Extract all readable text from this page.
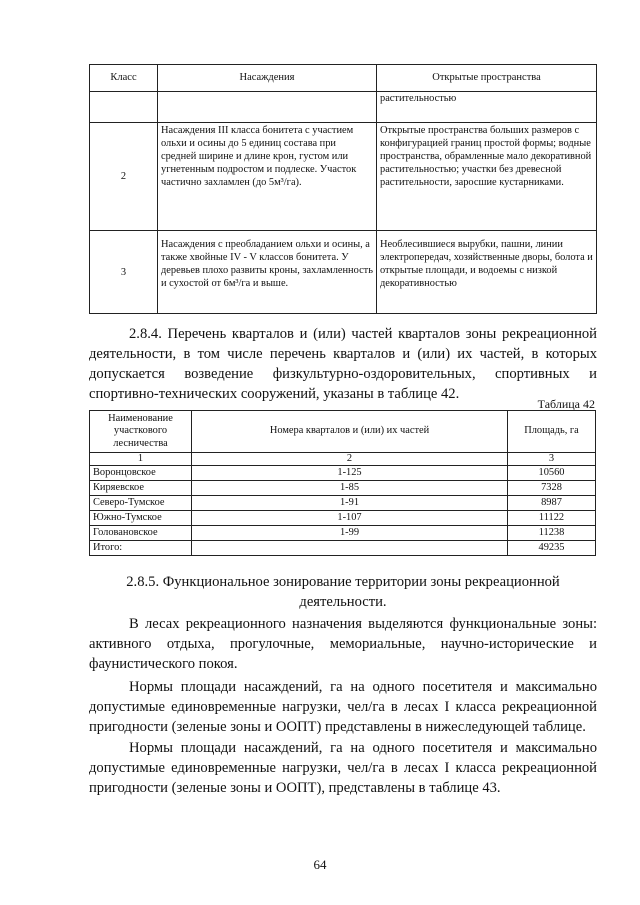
Класс	Насаждения	Открытые пространства
		растительностью
2	Насаждения III класса бонитета с участием ольхи и осины до 5 единиц состава при средней ширине и длине крон, густом или угнетенным подростом и подлеске. Участок частично захламлен (до 5м³/га).	Открытые пространства больших размеров с конфигурацией границ простой формы; водные пространства, обрамленные мало декоративной растительностью; участки без древесной растительности, заросшие кустарниками.
3	Насаждения с преобладанием ольхи и осины, а также хвойные IV - V классов бонитета. У деревьев плохо развиты кроны, захламленность и сухостой от 6м³/га и выше.	Необлесившиеся вырубки, пашни, линии электропередач, хозяйственные дворы, болота и открытые площади, и водоемы с низкой декоративностью

2.8.4. Перечень кварталов и (или) частей кварталов зоны рекреационной деятельности, в том числе перечень кварталов и (или) их частей, в которых допускается возведение физкультурно-оздоровительных, спортивных и спортивно-технических сооружений, указаны в таблице 42.

Таблица 42
Наименование участкового лесничества	Номера кварталов и (или) их частей	Площадь, га
1	2	3
Воронцовское	1-125	10560
Киряевское	1-85	7328
Северо-Тумское	1-91	8987
Южно-Тумское	1-107	11122
Головановское	1-99	11238
Итого:		49235

2.8.5. Функциональное зонирование территории зоны рекреационной деятельности.

В лесах рекреационного назначения выделяются функциональные зоны: активного отдыха, прогулочные, мемориальные, научно-исторические и фаунистического покоя.

Нормы площади насаждений, га на одного посетителя и максимально допустимые единовременные нагрузки, чел/га в лесах I класса рекреационной пригодности (зеленые зоны и ООПТ) представлены в нижеследующей таблице.

Нормы площади насаждений, га на одного посетителя и максимально допустимые единовременные нагрузки, чел/га в лесах I класса рекреационной пригодности (зеленые зоны и ООПТ), представлены в таблице 43.

64
